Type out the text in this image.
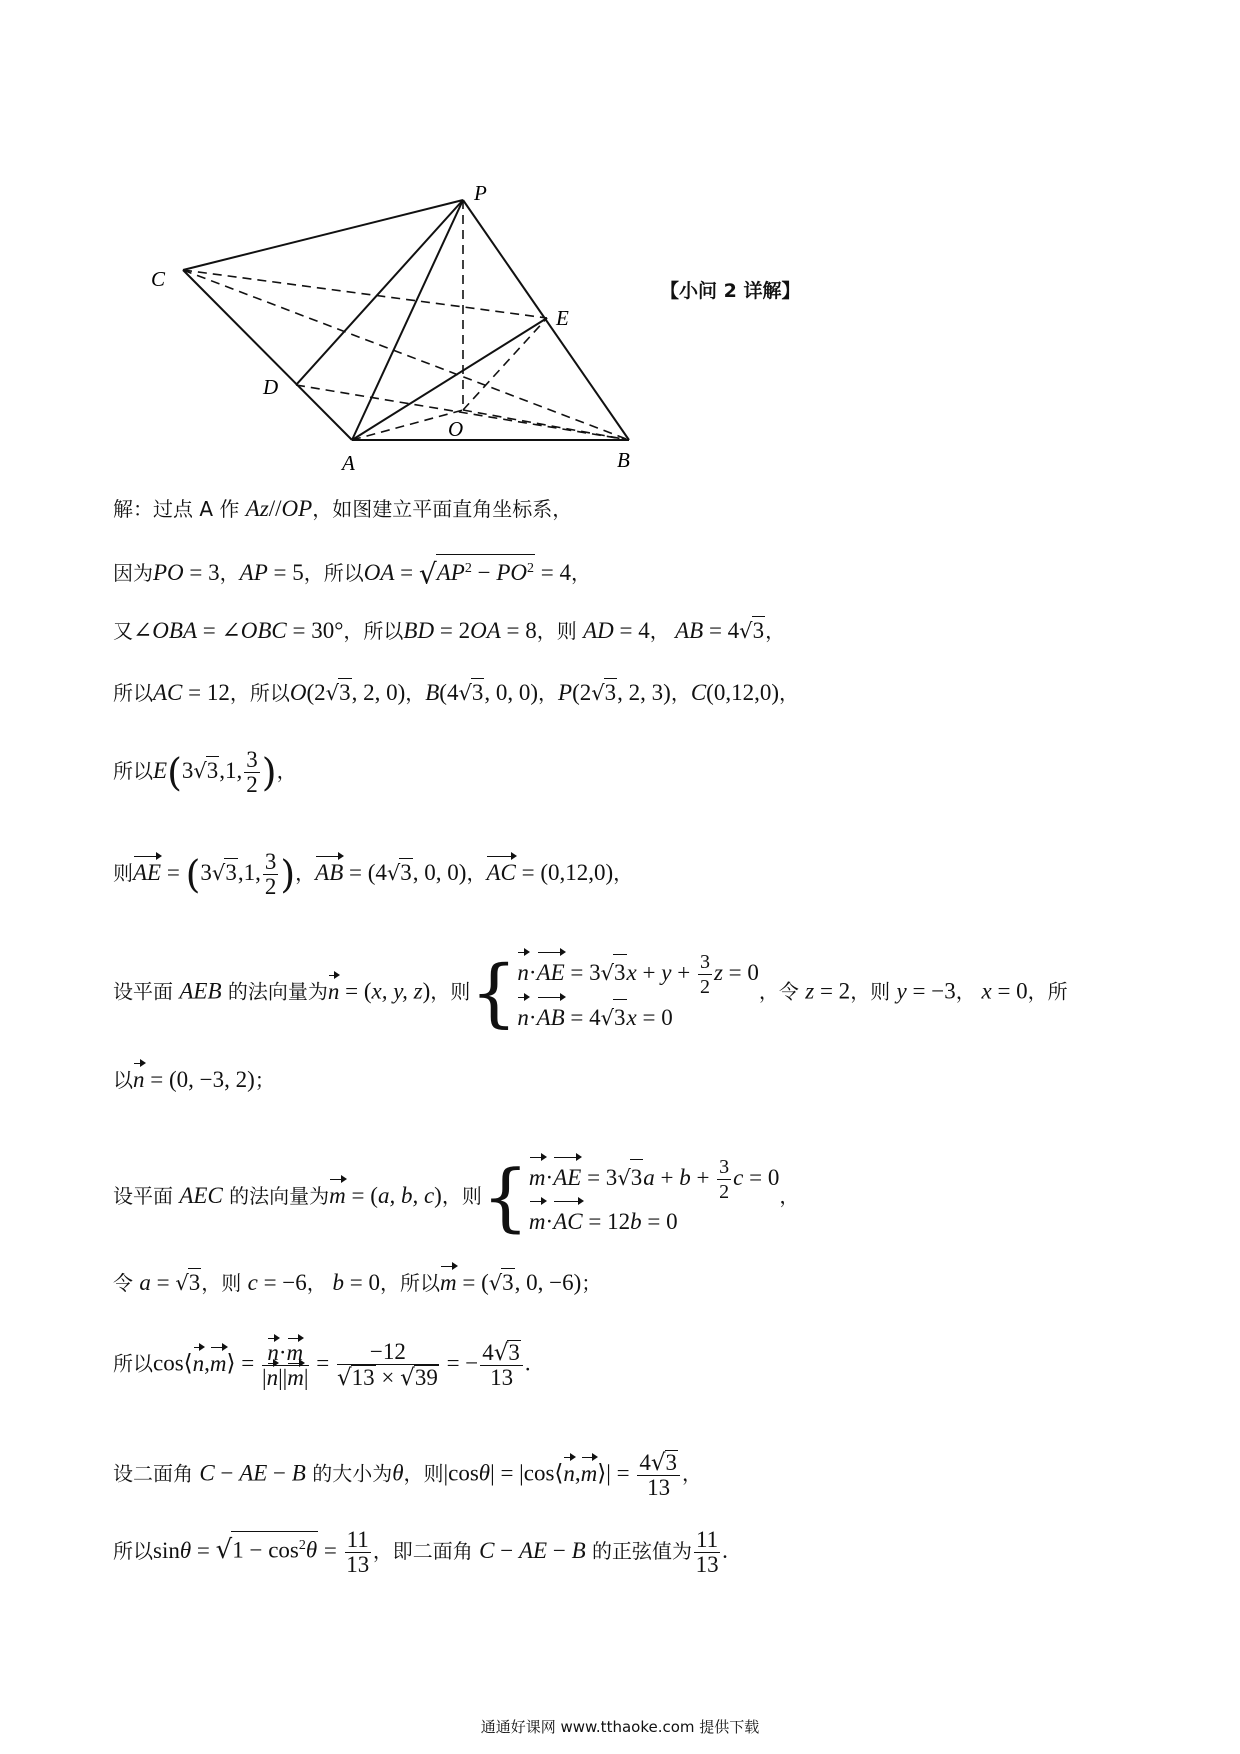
P
C
E
D
O
A	B
【小问 2 详解】
解：过点 A 作 Az//OP，如图建立平面直角坐标系，
因为PO = 3，AP = 5，所以OA = $√AP^2 - PO^2 = 4$，
又∠OBA = ∠OBC = 30°，所以BD = 2OA = 8，则 AD = 4， AB = 4√3，
所以AC = 12，所以O(2√3, 2, 0)，B(4√3, 0, 0)，P(2√3, 2, 3)，C(0,12,0)，
所以E(3√3,1, $\frac{3}{2}$ )，
则AE = (3√3,1, $\frac{3}{2}$ )，AB = (4√3, 0, 0)，AC = (0,12,0)，
设平面 AEB 的法向量为n = (x, y, z)，则{ $n\cdot AE = 3√3x + y + \frac{3}{2}$ z = 0
n·AB = 4√3x = 0
，令 z = 2，则 y = −3， x = 0，所
以n = (0, −3, 2)；
设平面 AEC 的法向量为m = (a, b, c)，则{ $m\cdot AE = 3√3a + b + \frac{3}{2}$ c = 0
m·AC = 12b = 0
，
令 a = √3，则 c = −6， b = 0，所以m = (√3, 0, −6)；
所以cos⟨n,m⟩ = $\frac{n\cdot m}{|n||m|} = \frac{-12}{√13 \times √39}$ = − $\frac{4√3}{13}$ .
设二面角 C − AE − B 的大小为θ，则|cosθ| = |cos⟨n,m⟩| = $\frac{4√3}{13}$ ，
所以$\sin\theta = √1 - \cos^2\theta = \frac{11}{13}$ ，即二面角 C − AE − B 的正弦值为 $\frac{11}{13}$ .
通通好课网 www.tthaoke.com 提供下载
